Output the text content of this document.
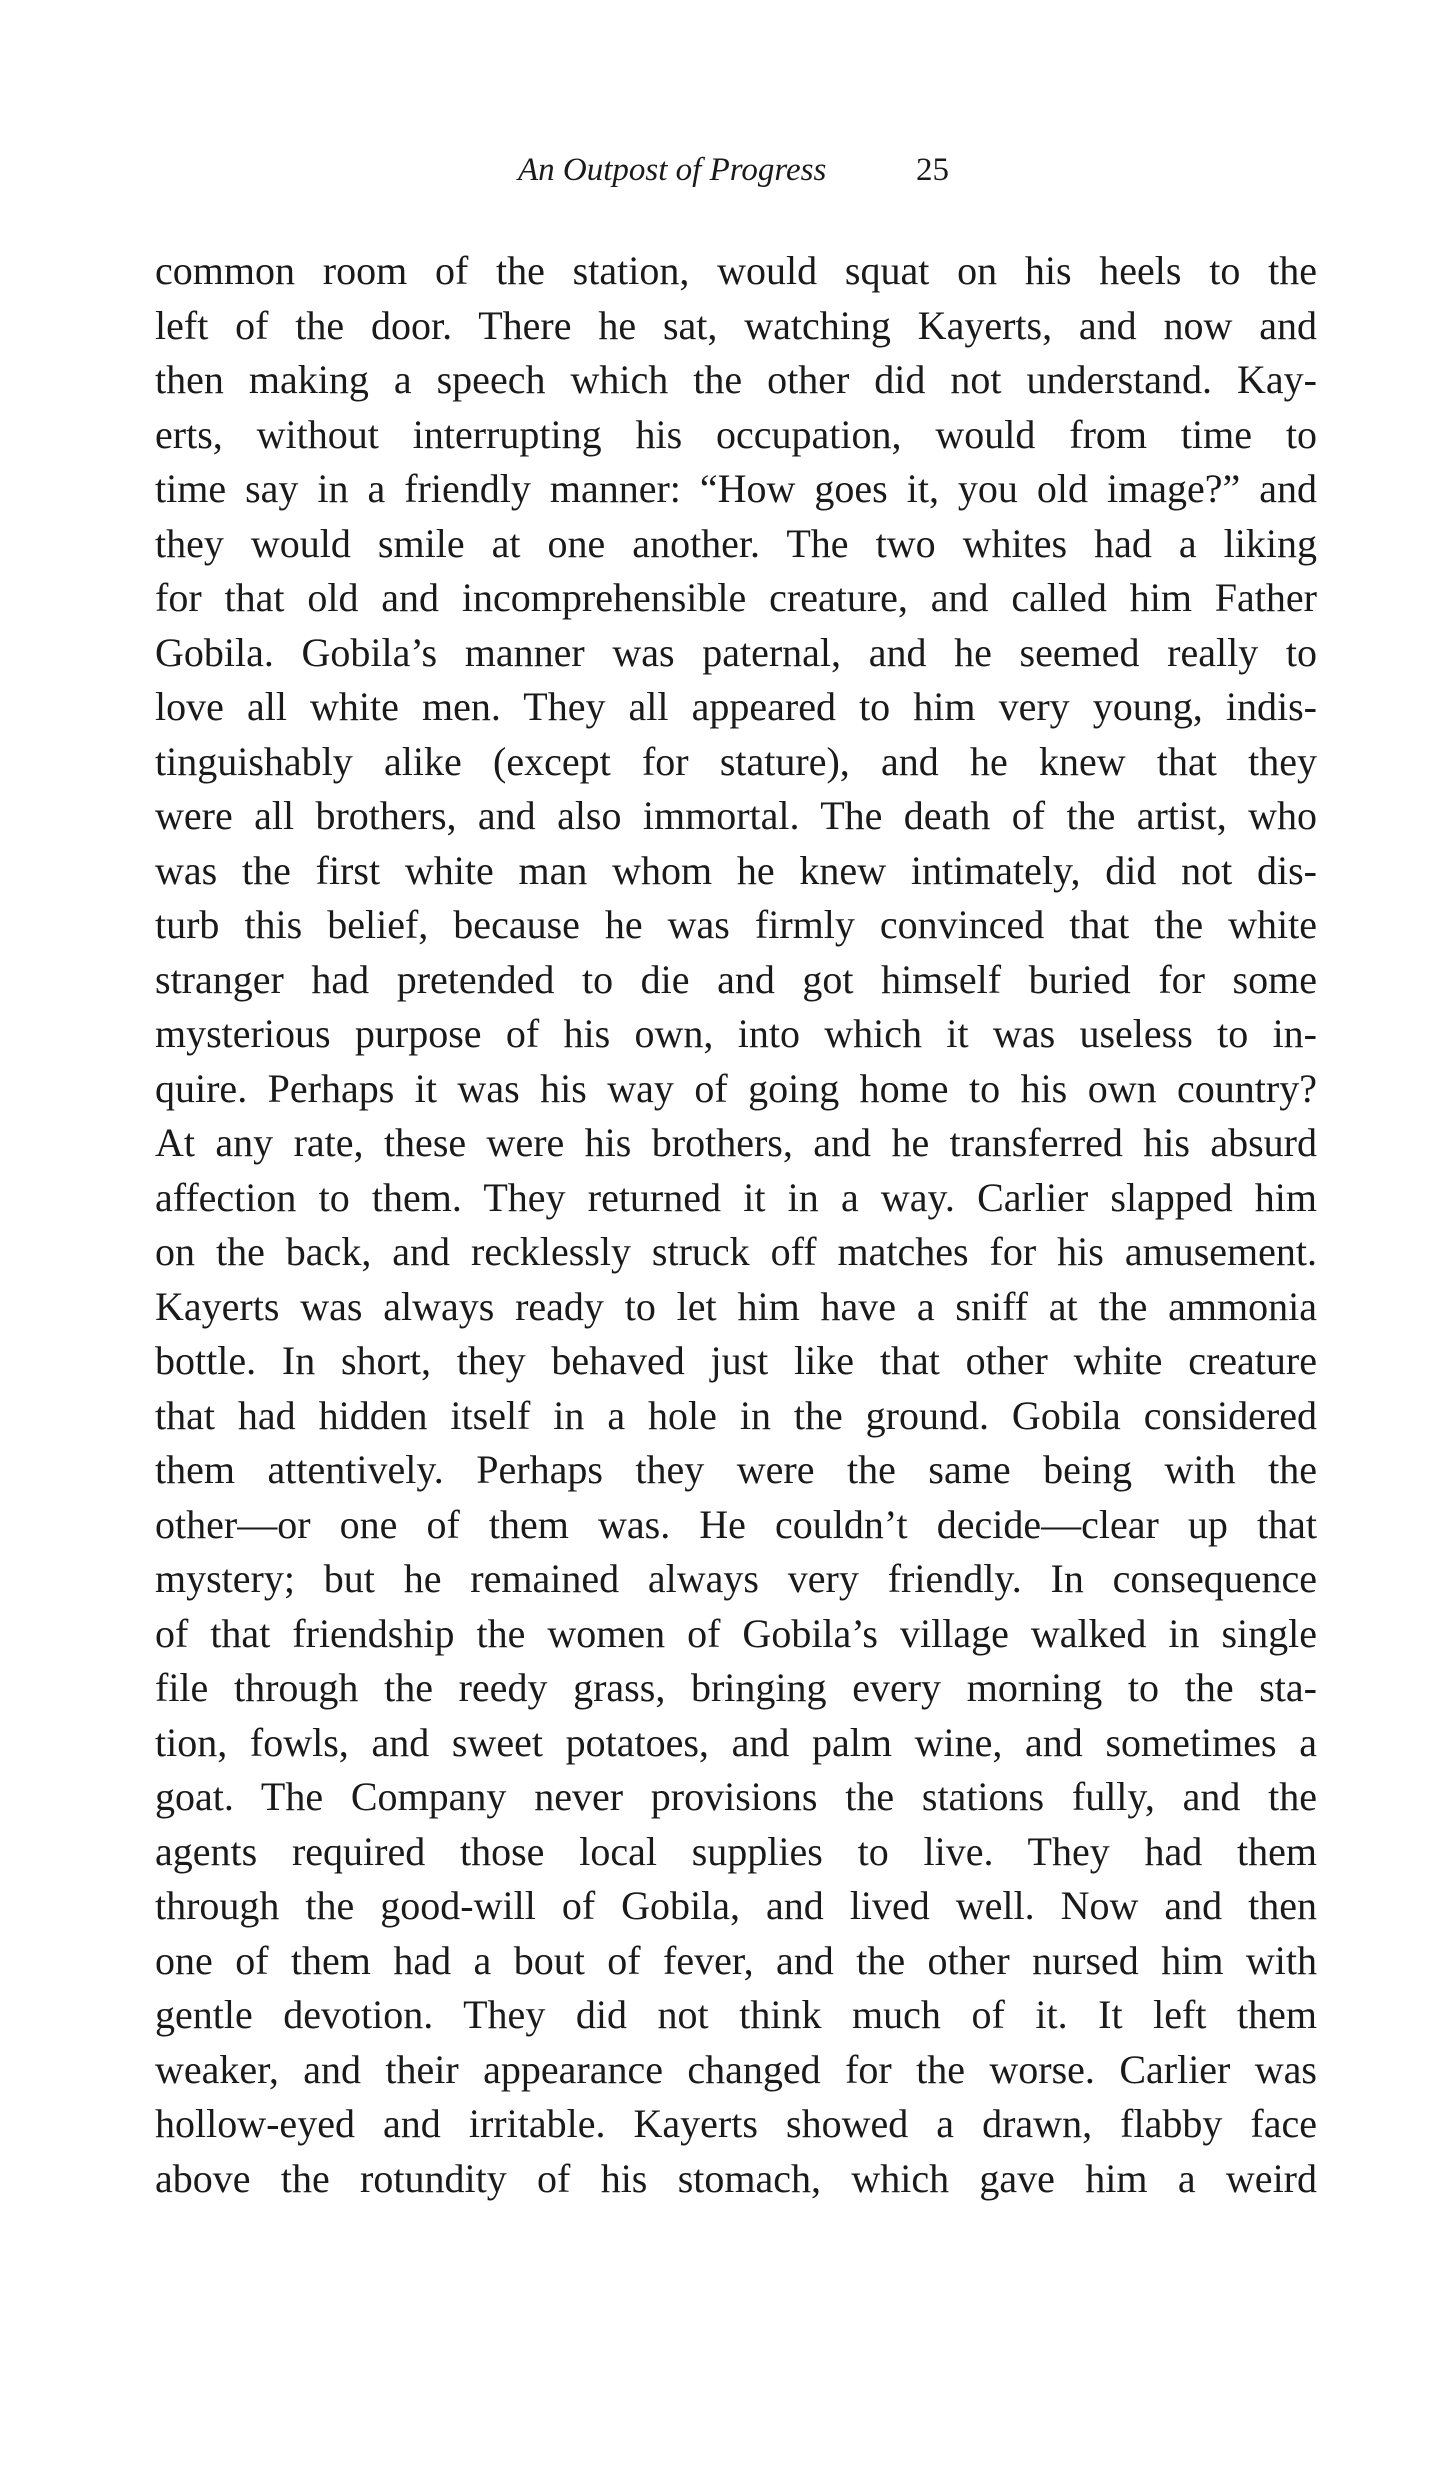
An Outpost of Progress	25
common room of the station, would squat on his heels to the
left of the door. There he sat, watching Kayerts, and now and
then making a speech which the other did not understand. Kay-
erts, without interrupting his occupation, would from time to
time say in a friendly manner: “How goes it, you old image?” and
they would smile at one another. The two whites had a liking
for that old and incomprehensible creature, and called him Father
Gobila. Gobila’s manner was paternal, and he seemed really to
love all white men. They all appeared to him very young, indis-
tinguishably alike (except for stature), and he knew that they
were all brothers, and also immortal. The death of the artist, who
was the first white man whom he knew intimately, did not dis-
turb this belief, because he was firmly convinced that the white
stranger had pretended to die and got himself buried for some
mysterious purpose of his own, into which it was useless to in-
quire. Perhaps it was his way of going home to his own country?
At any rate, these were his brothers, and he transferred his absurd
affection to them. They returned it in a way. Carlier slapped him
on the back, and recklessly struck off matches for his amusement.
Kayerts was always ready to let him have a sniff at the ammonia
bottle. In short, they behaved just like that other white creature
that had hidden itself in a hole in the ground. Gobila considered
them attentively. Perhaps they were the same being with the
other—or one of them was. He couldn’t decide—clear up that
mystery; but he remained always very friendly. In consequence
of that friendship the women of Gobila’s village walked in single
file through the reedy grass, bringing every morning to the sta-
tion, fowls, and sweet potatoes, and palm wine, and sometimes a
goat. The Company never provisions the stations fully, and the
agents required those local supplies to live. They had them
through the good-will of Gobila, and lived well. Now and then
one of them had a bout of fever, and the other nursed him with
gentle devotion. They did not think much of it. It left them
weaker, and their appearance changed for the worse. Carlier was
hollow-eyed and irritable. Kayerts showed a drawn, flabby face
above the rotundity of his stomach, which gave him a weird
